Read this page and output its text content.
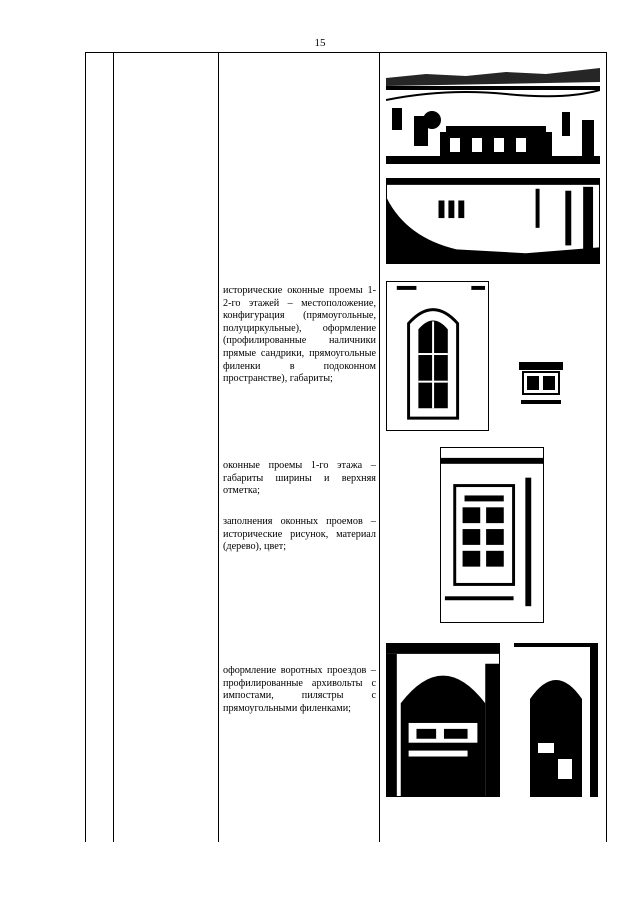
15
исторические оконные проемы 1-2-го этажей – местоположение, конфигурация (прямоугольные, полуциркульные), оформление (профилированные наличники прямые сандрики, прямоугольные филенки в подоконном пространстве), габариты;
оконные проемы 1-го этажа – габариты ширины и верхняя отметка;
заполнения оконных проемов – исторические рисунок, материал (дерево), цвет;
оформление воротных проездов – профилированные архивольты с импостами, пилястры с прямоугольными филенками;
